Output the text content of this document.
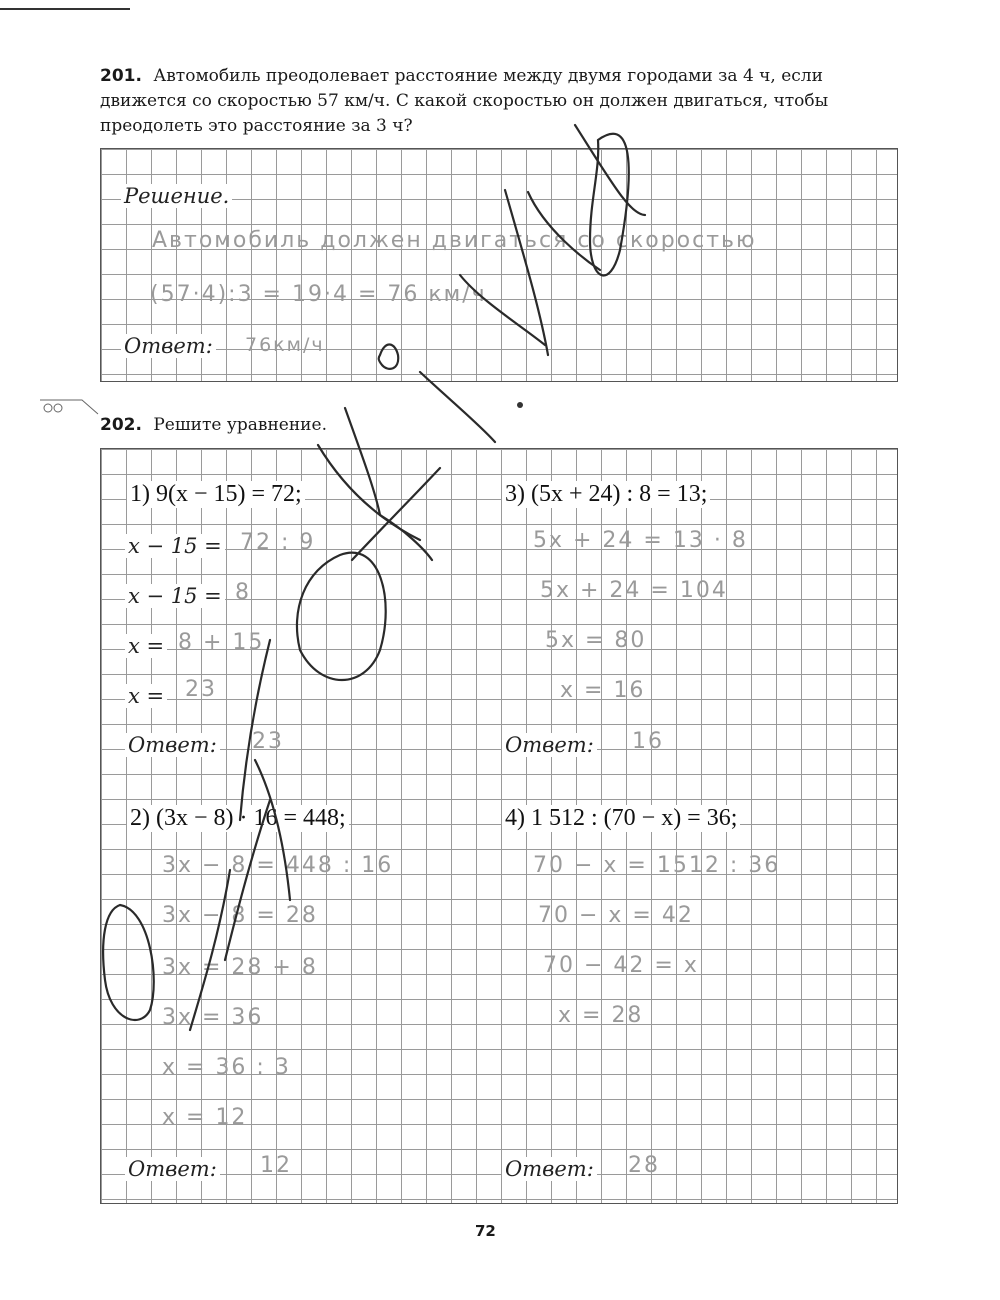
201. Автомобиль преодолевает расстояние между двумя городами за 4 ч, если движется со скоростью 57 км/ч. С какой скоростью он должен двигаться, чтобы преодолеть это расстояние за 3 ч?
Решение.
Автомобиль должен двигаться со скоростью
(57·4):3 = 19·4 = 76 км/ч
Ответ: 76км/ч
202. Решите уравнение.
1) 9(x − 15) = 72;
x − 15 = 72 : 9
x − 15 = 8
x = 8 + 15
x = 23
Ответ: 23
2) (3x − 8) · 16 = 448;
3x − 8 = 448 : 16
3x − 8 = 28
3x = 28 + 8
3x = 36
x = 36 : 3
x = 12
Ответ: 12
3) (5x + 24) : 8 = 13;
5x + 24 = 13 · 8
5x + 24 = 104
5x = 80
x = 16
Ответ: 16
4) 1 512 : (70 − x) = 36;
70 − x = 1512 : 36
70 − x = 42
70 − 42 = x
x = 28
Ответ: 28
72
